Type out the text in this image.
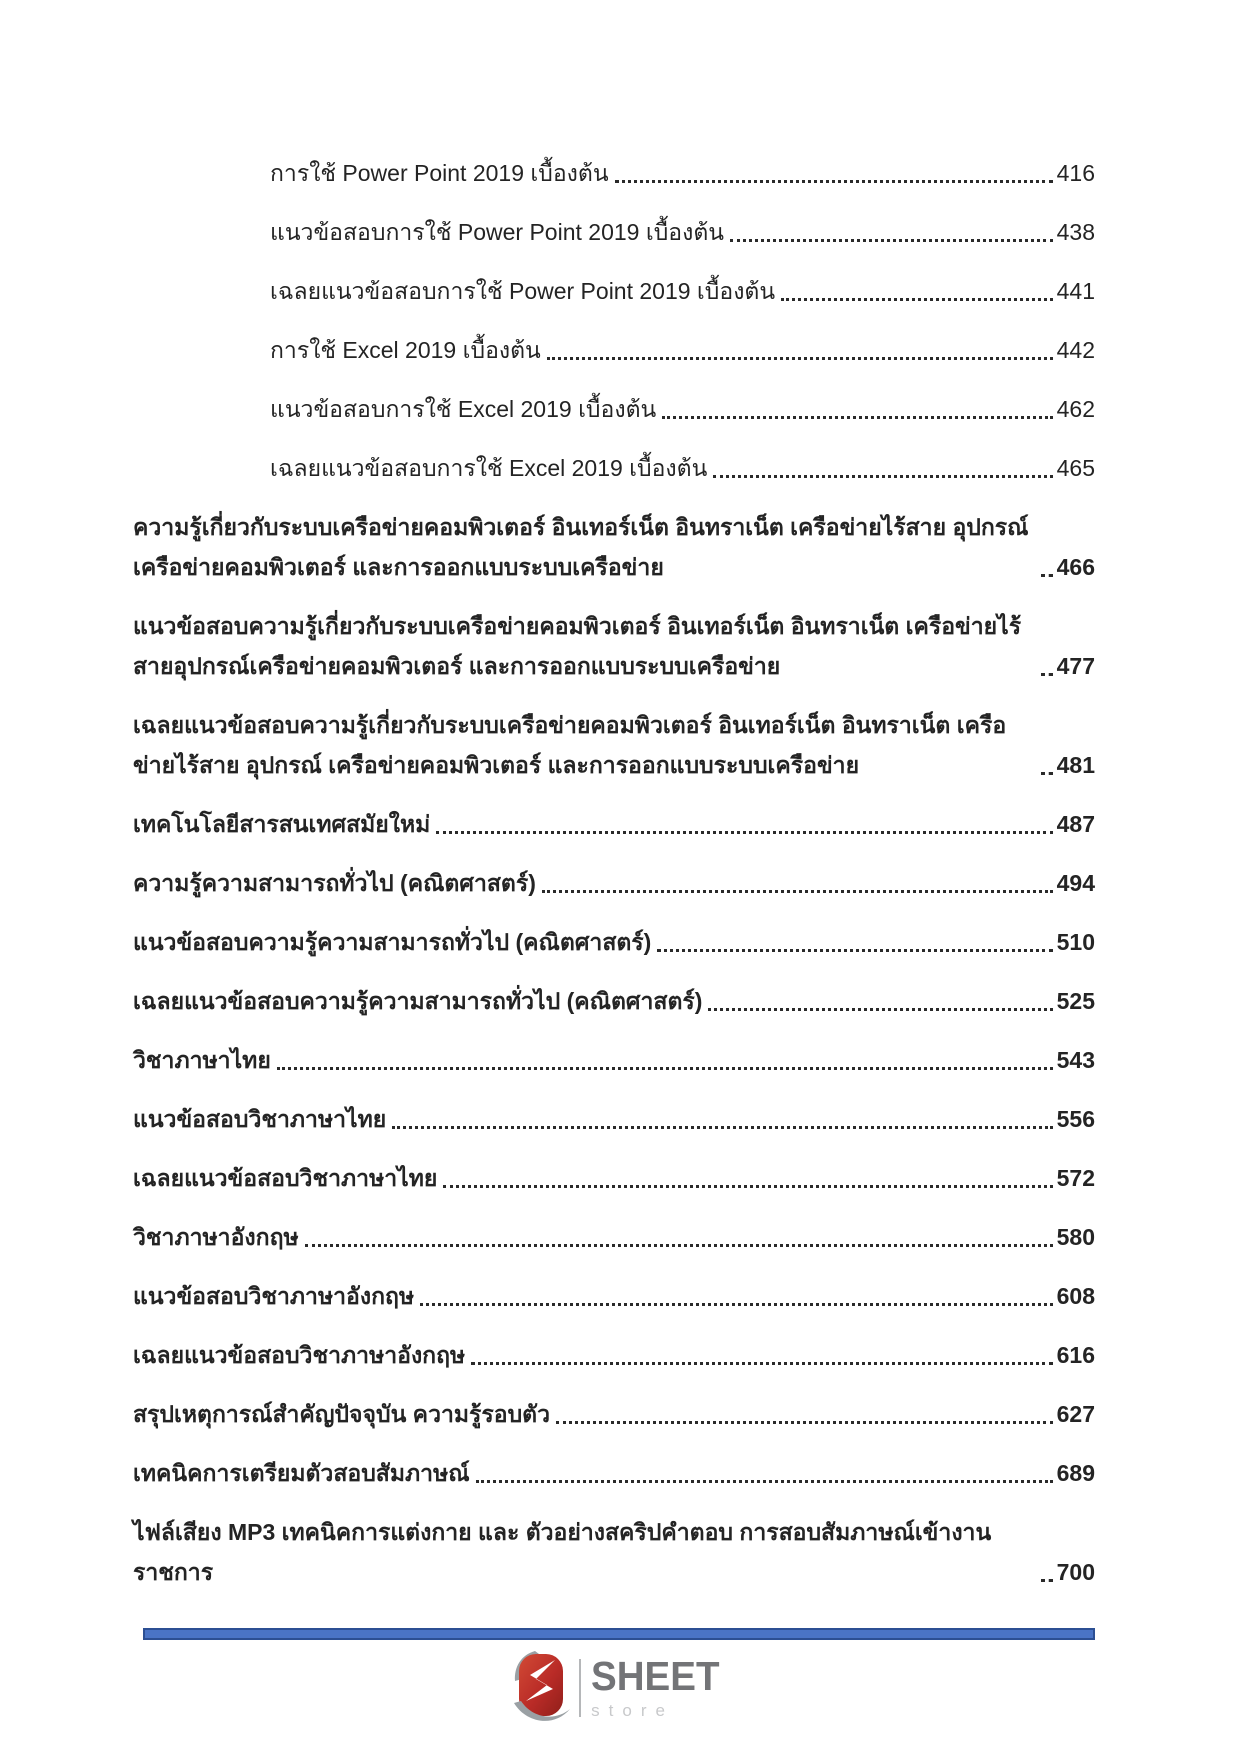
การใช้ Power Point 2019 เบื้องต้น	416
แนวข้อสอบการใช้ Power Point 2019 เบื้องต้น	438
เฉลยแนวข้อสอบการใช้ Power Point 2019 เบื้องต้น	441
การใช้ Excel 2019 เบื้องต้น	442
แนวข้อสอบการใช้ Excel 2019 เบื้องต้น	462
เฉลยแนวข้อสอบการใช้ Excel 2019 เบื้องต้น	465
ความรู้เกี่ยวกับระบบเครือข่ายคอมพิวเตอร์ อินเทอร์เน็ต อินทราเน็ต เครือข่ายไร้สาย อุปกรณ์เครือข่ายคอมพิวเตอร์ และการออกแบบระบบเครือข่าย	466
แนวข้อสอบความรู้เกี่ยวกับระบบเครือข่ายคอมพิวเตอร์ อินเทอร์เน็ต อินทราเน็ต เครือข่ายไร้สายอุปกรณ์เครือข่ายคอมพิวเตอร์ และการออกแบบระบบเครือข่าย	477
เฉลยแนวข้อสอบความรู้เกี่ยวกับระบบเครือข่ายคอมพิวเตอร์ อินเทอร์เน็ต อินทราเน็ต เครือข่ายไร้สาย อุปกรณ์ เครือข่ายคอมพิวเตอร์ และการออกแบบระบบเครือข่าย	481
เทคโนโลยีสารสนเทศสมัยใหม่	487
ความรู้ความสามารถทั่วไป (คณิตศาสตร์)	494
แนวข้อสอบความรู้ความสามารถทั่วไป (คณิตศาสตร์)	510
เฉลยแนวข้อสอบความรู้ความสามารถทั่วไป (คณิตศาสตร์)	525
วิชาภาษาไทย	543
แนวข้อสอบวิชาภาษาไทย	556
เฉลยแนวข้อสอบวิชาภาษาไทย	572
วิชาภาษาอังกฤษ	580
แนวข้อสอบวิชาภาษาอังกฤษ	608
เฉลยแนวข้อสอบวิชาภาษาอังกฤษ	616
สรุปเหตุการณ์สำคัญปัจจุบัน ความรู้รอบตัว	627
เทคนิคการเตรียมตัวสอบสัมภาษณ์	689
ไฟล์เสียง MP3 เทคนิคการแต่งกาย และ ตัวอย่างสคริปคำตอบ การสอบสัมภาษณ์เข้างานราชการ	700
SHEET
store
